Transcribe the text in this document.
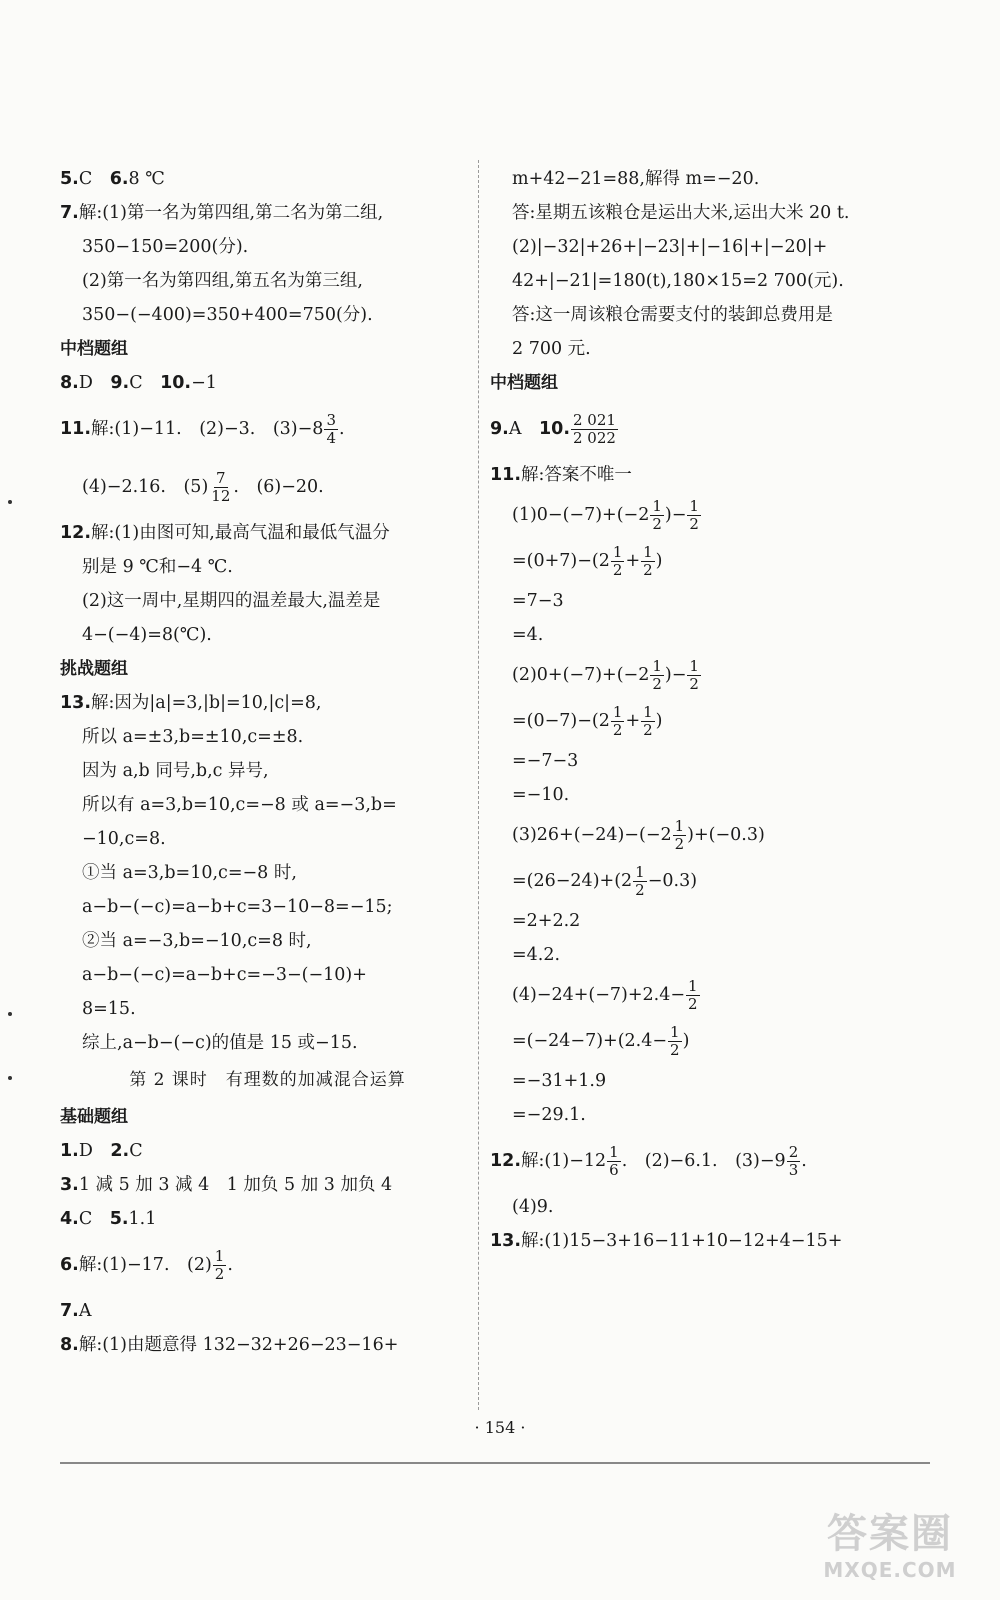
5.C　 6.8 ℃
7.解:(1)第一名为第四组,第二名为第二组,
350−150=200(分).
(2)第一名为第四组,第五名为第三组,
350−(−400)=350+400=750(分).
中档题组
8.D　 9.C　 10.−1
11.解:(1)−11.　(2)−3.　$(3)-8 \frac{3}{4}$ .
(4)−2.16.　$(5) \frac{7}{12}$ .　(6)−20.
12.解:(1)由图可知,最高气温和最低气温分
别是 9 ℃和−4 ℃.
(2)这一周中,星期四的温差最大,温差是
4−(−4)=8(℃).
挑战题组
13.解:因为|a|=3,|b|=10,|c|=8,
所以 a=±3,b=±10,c=±8.
因为 a,b 同号,b,c 异号,
所以有 a=3,b=10,c=−8 或 a=−3,b=
−10,c=8.
①当 a=3,b=10,c=−8 时,
a−b−(−c)=a−b+c=3−10−8=−15;
②当 a=−3,b=−10,c=8 时,
a−b−(−c)=a−b+c=−3−(−10)+
8=15.
综上,a−b−(−c)的值是 15 或−15.
第 2 课时　有理数的加减混合运算
基础题组
1.D　 2.C
3.1 减 5 加 3 减 4　1 加负 5 加 3 加负 4
4.C　 5.1.1
6.解:(1)−17.　$(2) \frac{1}{2}$ .
7.A
8.解:(1)由题意得 132−32+26−23−16+
m+42−21=88,解得 m=−20.
答:星期五该粮仓是运出大米,运出大米 20 t.
(2)|−32|+26+|−23|+|−16|+|−20|+
42+|−21|=180(t),180×15=2 700(元).
答:这一周该粮仓需要支付的装卸总费用是
2 700 元.
中档题组
9.A　 10. $\frac{2 021}{2 022}$
11.解:答案不唯一
$(1)0-(-7)+(-2 \frac{1}{2}$ )− $\frac{1}{2}$
$=(0+7)-(2 \frac{1}{2} + \frac{1}{2}$ )
=7−3
=4.
$(2)0+(-7)+(-2 \frac{1}{2}$ )− $\frac{1}{2}$
$=(0-7)-(2 \frac{1}{2} + \frac{1}{2}$ )
=−7−3
=−10.
$(3)26+(-24)-(-2 \frac{1}{2} )+(-0.3)$
$=(26-24)+(2 \frac{1}{2} -0.3)$
=2+2.2
=4.2.
$(4)-24+(-7)+2.4- \frac{1}{2}$
$=(-24-7)+(2.4- \frac{1}{2}$ )
=−31+1.9
=−29.1.
12.解:(1)−12 $\frac{1}{6}$ .　(2)−6.1.　$(3)-9 \frac{2}{3}$ .
(4)9.
13.解:(1)15−3+16−11+10−12+4−15+
· 154 ·
答案圈
MXQE.COM
